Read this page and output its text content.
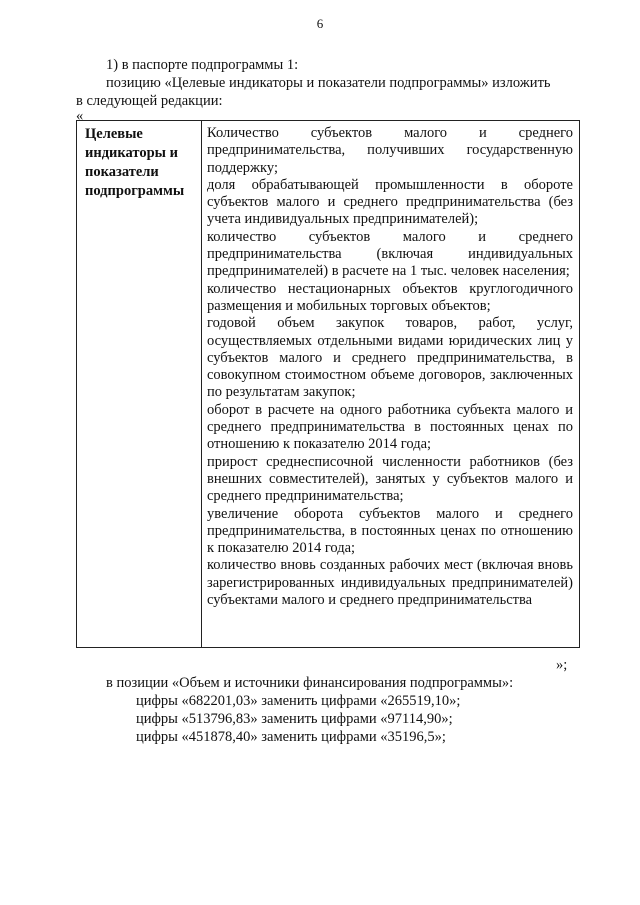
6
1) в паспорте подпрограммы 1:
позицию «Целевые индикаторы и показатели подпрограммы» изложить
в следующей редакции:
«
Целевые индикаторы и показатели подпрограммы

Количество субъектов малого и среднего предпринимательства, получивших государственную поддержку;

доля обрабатывающей промышленности в обороте субъектов малого и среднего предпринимательства (без учета индивидуальных предпринимателей);

количество субъектов малого и среднего предпринимательства (включая индивидуальных предпринимателей) в расчете на 1 тыс. человек населения;

количество нестационарных объектов круглогодичного размещения и мобильных торговых объектов;

годовой объем закупок товаров, работ, услуг, осуществляемых отдельными видами юридических лиц у субъектов малого и среднего предпринимательства, в совокупном стоимостном объеме договоров, заключенных по результатам закупок;

оборот в расчете на одного работника субъекта малого и среднего предпринимательства в постоянных ценах по отношению к показателю 2014 года;

прирост среднесписочной численности работников (без внешних совместителей), занятых у субъектов малого и среднего предпринимательства;

увеличение оборота субъектов малого и среднего предпринимательства, в постоянных ценах по отношению к показателю 2014 года;

количество вновь созданных рабочих мест (включая вновь зарегистрированных индивидуальных предпринимателей) субъектами малого и среднего предпринимательства

»;
в позиции «Объем и источники финансирования подпрограммы»:
цифры «682201,03» заменить цифрами «265519,10»;
цифры «513796,83» заменить цифрами «97114,90»;
цифры «451878,40» заменить цифрами «35196,5»;
